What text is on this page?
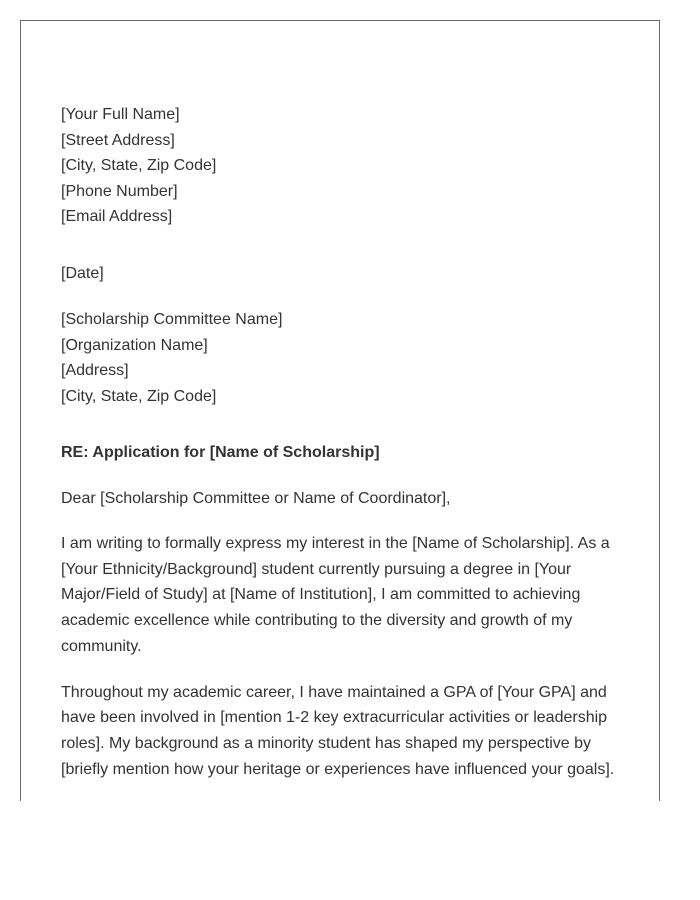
[Your Full Name]
[Street Address]
[City, State, Zip Code]
[Phone Number]
[Email Address]
[Date]
[Scholarship Committee Name]
[Organization Name]
[Address]
[City, State, Zip Code]

RE: Application for [Name of Scholarship]

Dear [Scholarship Committee or Name of Coordinator],

I am writing to formally express my interest in the [Name of Scholarship]. As a [Your Ethnicity/Background] student currently pursuing a degree in [Your Major/Field of Study] at [Name of Institution], I am committed to achieving academic excellence while contributing to the diversity and growth of my community.

Throughout my academic career, I have maintained a GPA of [Your GPA] and have been involved in [mention 1-2 key extracurricular activities or leadership roles]. My background as a minority student has shaped my perspective by [briefly mention how your heritage or experiences have influenced your goals].
